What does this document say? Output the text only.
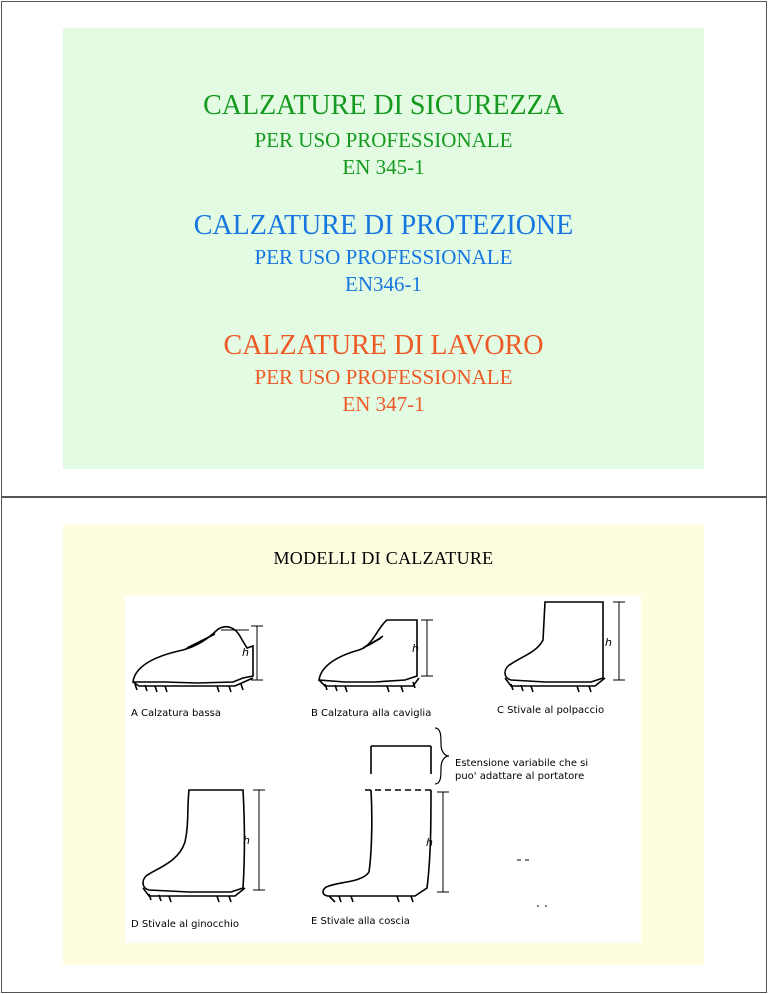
CALZATURE DI SICUREZZA
PER USO PROFESSIONALE
EN 345-1
CALZATURE DI PROTEZIONE
PER USO PROFESSIONALE
EN346-1
CALZATURE DI LAVORO
PER USO PROFESSIONALE
EN 347-1
MODELLI DI CALZATURE
h	h	h
h	h
A Calzatura bassa	B Calzatura alla caviglia	C Stivale al polpaccio
D Stivale al ginocchio	E Stivale alla coscia
Estensione variabile che si
puo' adattare al portatore
